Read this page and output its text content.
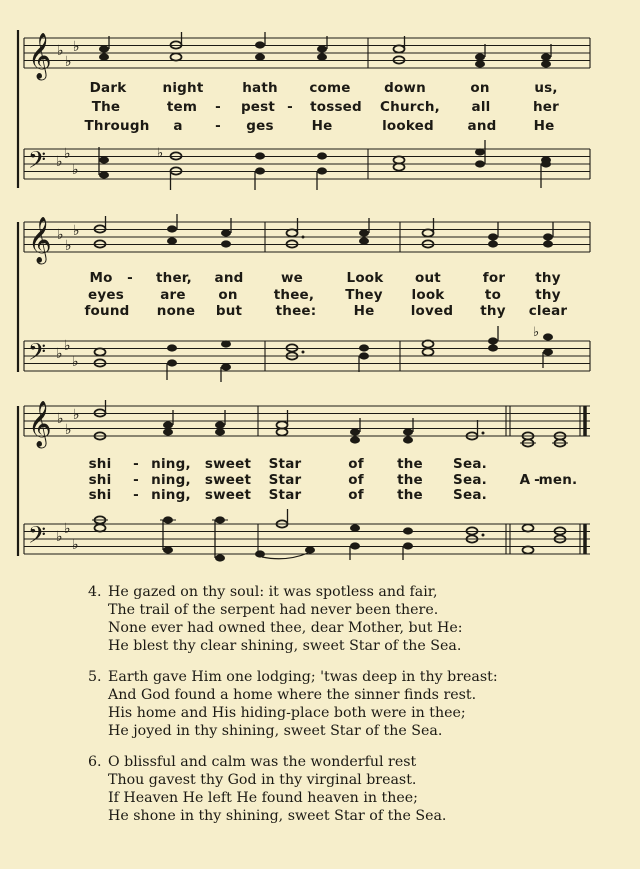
𝄞 ♭
♭
♭
Dark	night	hath come down	on	us,
The	tem - pest - tossed Church, all	her
Through a - ges	He	looked and	He
𝄢 ♭ ♭
♭
♭
𝄞 ♭
♭
♭
Mo - ther, and	we	Look out	for thy
eyes	are on	thee, They look	to	thy
found none but thee:	He	loved thy clear
𝄢 ♭ ♭
♭
♭
𝄞 ♭
♭
♭
shi - ning, sweet Star	of the Sea.
shi - ning, sweet Star	of the Sea. A -
men.
shi - ning, sweet Star	of the Sea.
𝄢 ♭ ♭
♭
4. He gazed on thy soul: it was spotless and fair,
The trail of the serpent had never been there.
None ever had owned thee, dear Mother, but He:
He blest thy clear shining, sweet Star of the Sea.
5. Earth gave Him one lodging; 'twas deep in thy breast:
And God found a home where the sinner finds rest.
His home and His hiding-place both were in thee;
He joyed in thy shining, sweet Star of the Sea.
6. O blissful and calm was the wonderful rest
Thou gavest thy God in thy virginal breast.
If Heaven He left He found heaven in thee;
He shone in thy shining, sweet Star of the Sea.
